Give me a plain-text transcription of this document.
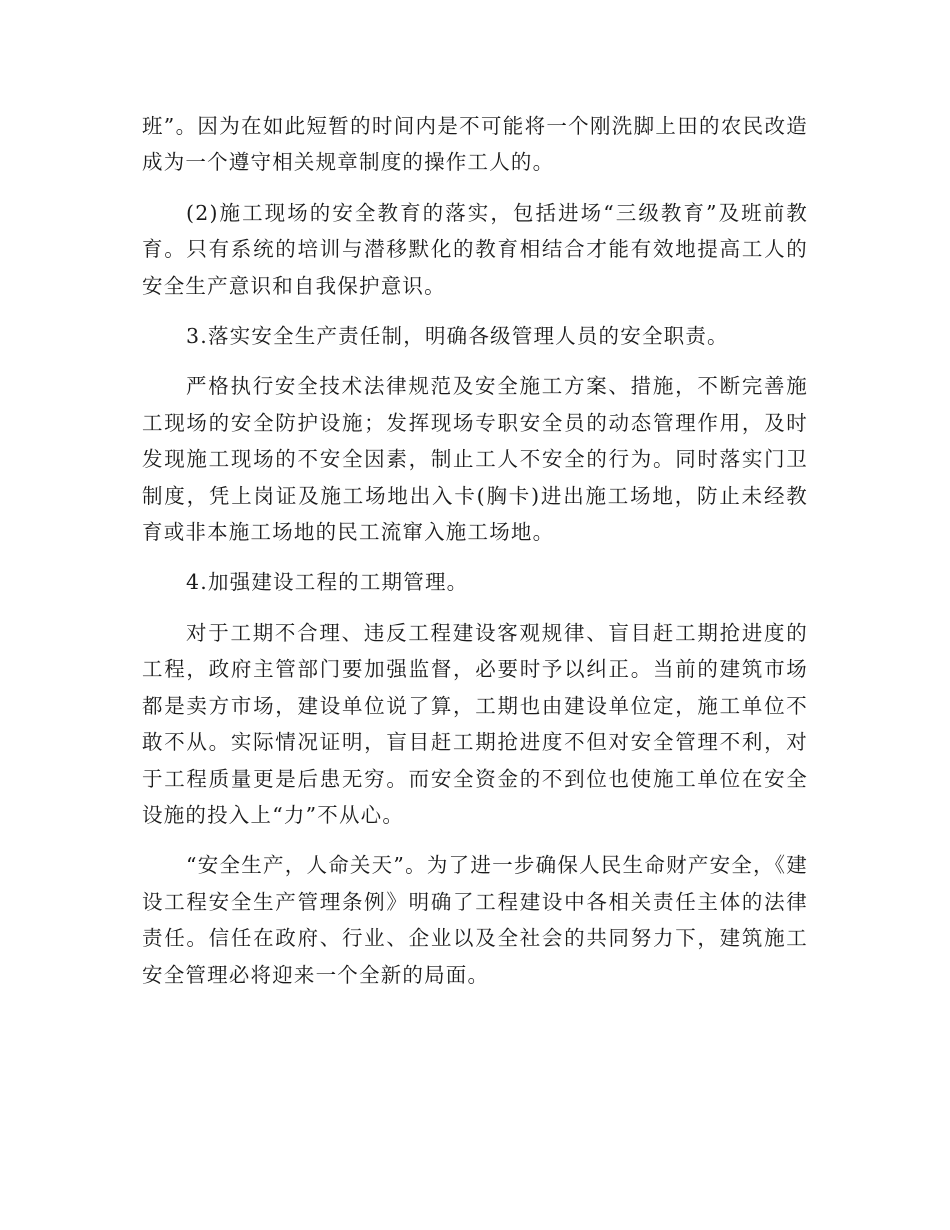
班”。因为在如此短暂的时间内是不可能将一个刚洗脚上田的农民改造成为一个遵守相关规章制度的操作工人的。

(2)施工现场的安全教育的落实，包括进场“三级教育”及班前教育。只有系统的培训与潜移默化的教育相结合才能有效地提高工人的安全生产意识和自我保护意识。

3.落实安全生产责任制，明确各级管理人员的安全职责。

严格执行安全技术法律规范及安全施工方案、措施，不断完善施工现场的安全防护设施；发挥现场专职安全员的动态管理作用，及时发现施工现场的不安全因素，制止工人不安全的行为。同时落实门卫制度，凭上岗证及施工场地出入卡(胸卡)进出施工场地，防止未经教育或非本施工场地的民工流窜入施工场地。

4.加强建设工程的工期管理。

对于工期不合理、违反工程建设客观规律、盲目赶工期抢进度的工程，政府主管部门要加强监督，必要时予以纠正。当前的建筑市场都是卖方市场，建设单位说了算，工期也由建设单位定，施工单位不敢不从。实际情况证明，盲目赶工期抢进度不但对安全管理不利，对于工程质量更是后患无穷。而安全资金的不到位也使施工单位在安全设施的投入上“力”不从心。

“安全生产，人命关天”。为了进一步确保人民生命财产安全，《建设工程安全生产管理条例》明确了工程建设中各相关责任主体的法律责任。信任在政府、行业、企业以及全社会的共同努力下，建筑施工安全管理必将迎来一个全新的局面。
